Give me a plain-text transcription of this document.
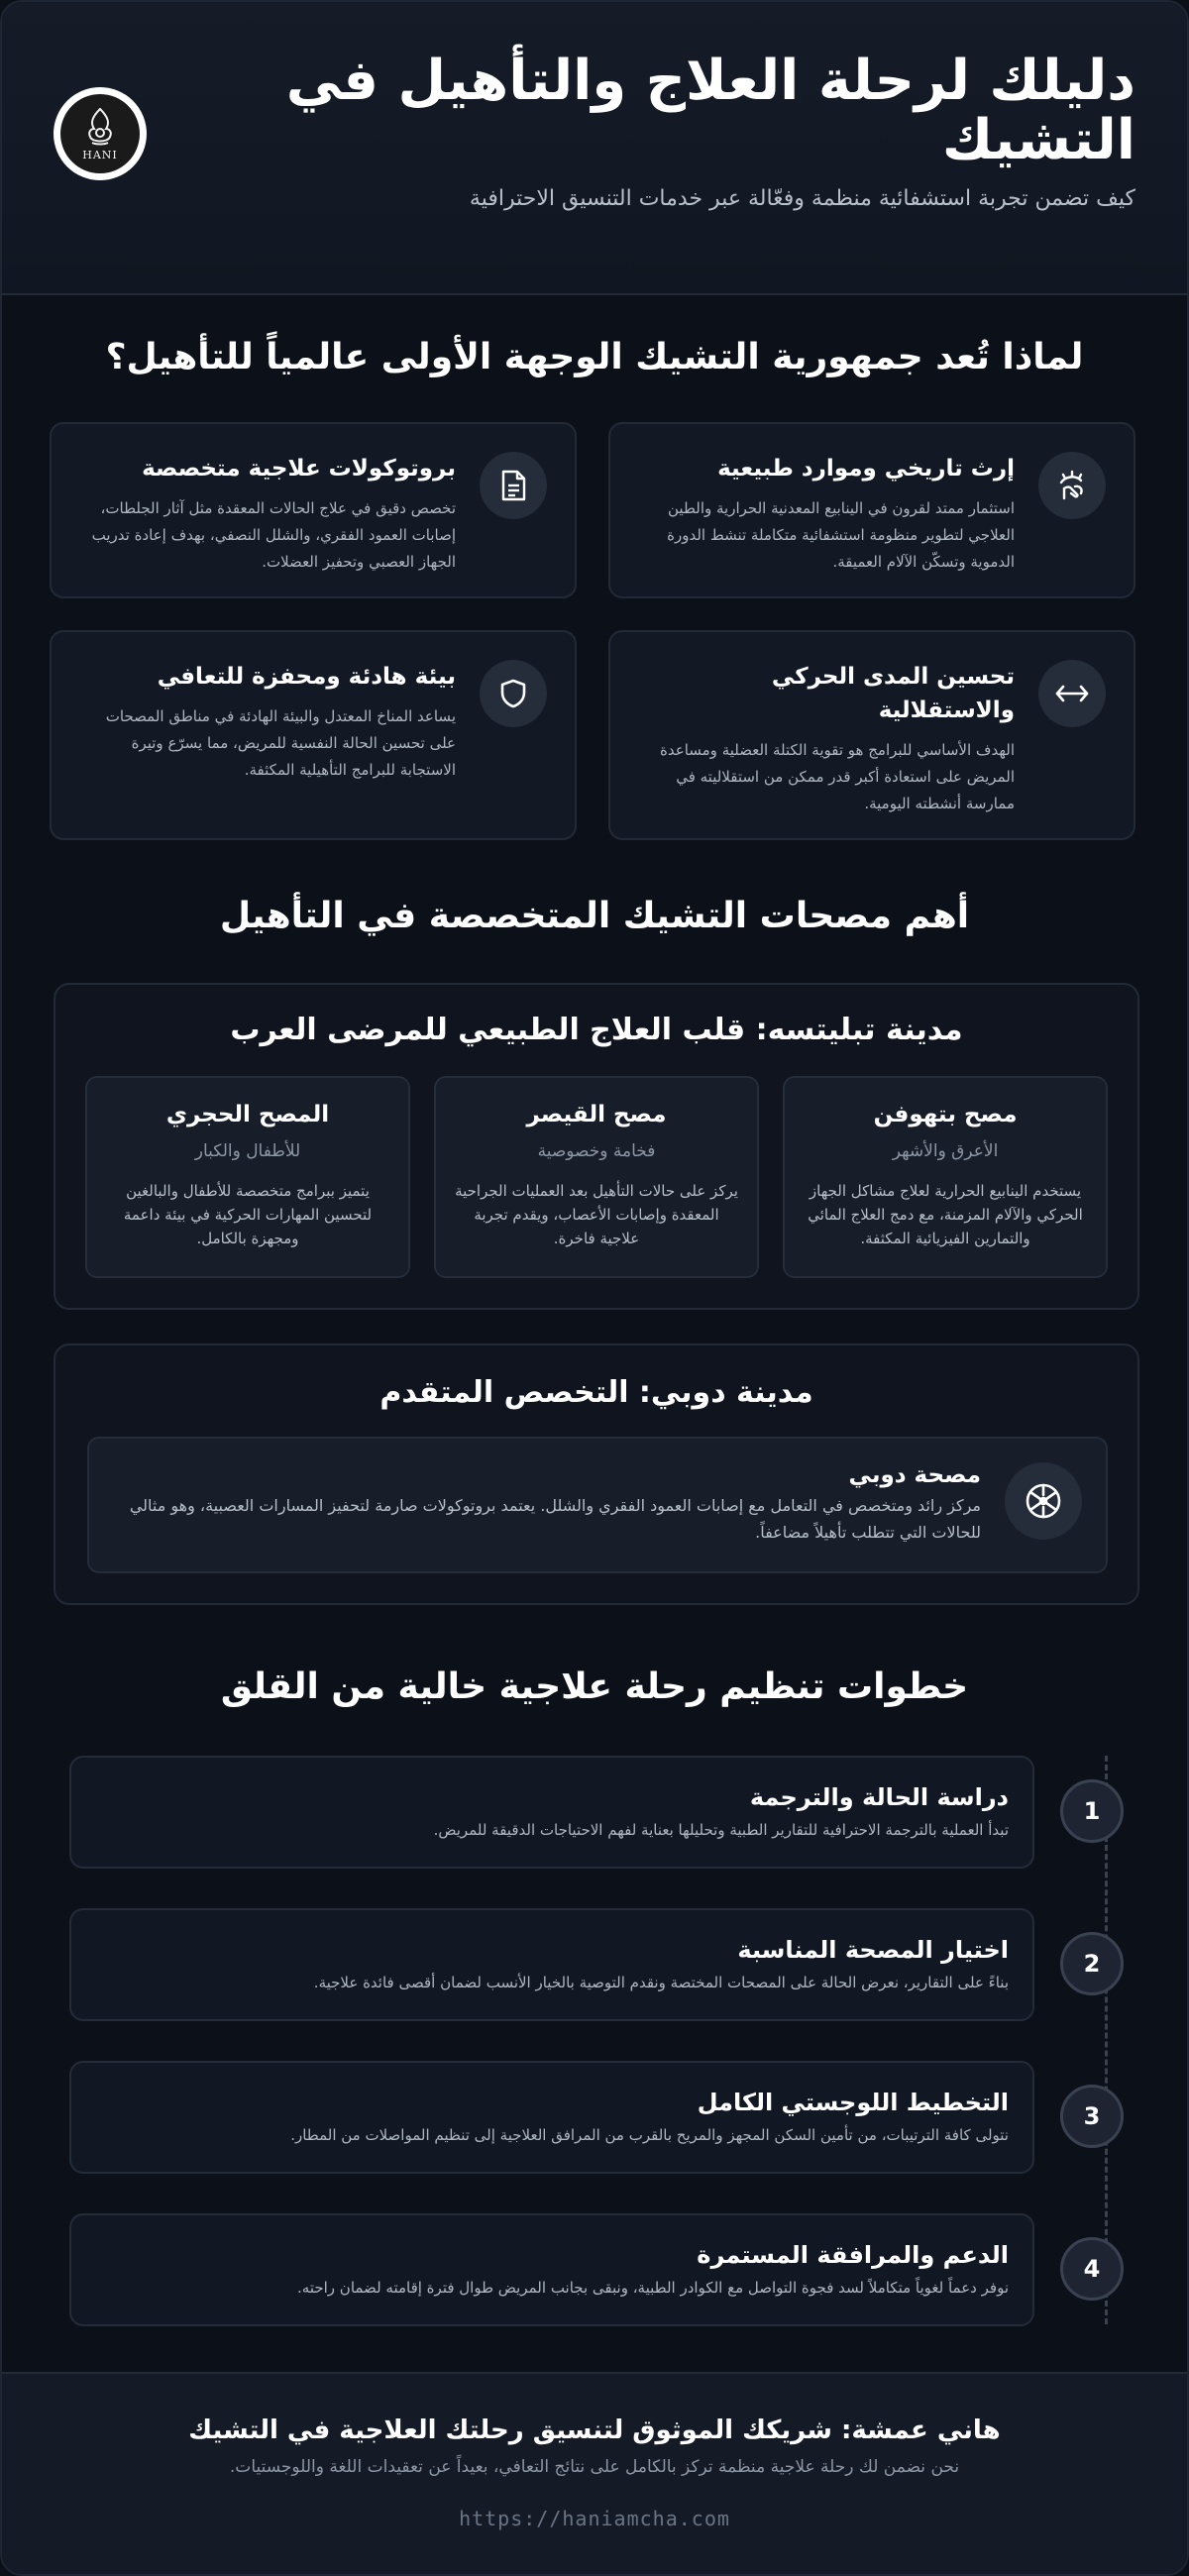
دليلك لرحلة العلاج والتأهيل في التشيك
كيف تضمن تجربة استشفائية منظمة وفعّالة عبر خدمات التنسيق الاحترافية
HANI
لماذا تُعد جمهورية التشيك الوجهة الأولى عالمياً للتأهيل؟
إرث تاريخي وموارد طبيعية
استثمار ممتد لقرون في الينابيع المعدنية الحرارية والطين العلاجي لتطوير منظومة استشفائية متكاملة تنشط الدورة الدموية وتسكّن الآلام العميقة.
بروتوكولات علاجية متخصصة
تخصص دقيق في علاج الحالات المعقدة مثل آثار الجلطات، إصابات العمود الفقري، والشلل النصفي، بهدف إعادة تدريب الجهاز العصبي وتحفيز العضلات.
تحسين المدى الحركي والاستقلالية
الهدف الأساسي للبرامج هو تقوية الكتلة العضلية ومساعدة المريض على استعادة أكبر قدر ممكن من استقلاليته في ممارسة أنشطته اليومية.
بيئة هادئة ومحفزة للتعافي
يساعد المناخ المعتدل والبيئة الهادئة في مناطق المصحات على تحسين الحالة النفسية للمريض، مما يسرّع وتيرة الاستجابة للبرامج التأهيلية المكثفة.
أهم مصحات التشيك المتخصصة في التأهيل
مدينة تبليتسه: قلب العلاج الطبيعي للمرضى العرب
مصح بتهوفن
الأعرق والأشهر
يستخدم الينابيع الحرارية لعلاج مشاكل الجهاز الحركي والآلام المزمنة، مع دمج العلاج المائي والتمارين الفيزيائية المكثفة.
مصح القيصر
فخامة وخصوصية
يركز على حالات التأهيل بعد العمليات الجراحية المعقدة وإصابات الأعصاب، ويقدم تجربة علاجية فاخرة.
المصح الحجري
للأطفال والكبار
يتميز ببرامج متخصصة للأطفال والبالغين لتحسين المهارات الحركية في بيئة داعمة ومجهزة بالكامل.
مدينة دوبي: التخصص المتقدم
مصحة دوبي
مركز رائد ومتخصص في التعامل مع إصابات العمود الفقري والشلل. يعتمد بروتوكولات صارمة لتحفيز المسارات العصبية، وهو مثالي للحالات التي تتطلب تأهيلاً مضاعفاً.
خطوات تنظيم رحلة علاجية خالية من القلق
دراسة الحالة والترجمة
تبدأ العملية بالترجمة الاحترافية للتقارير الطبية وتحليلها بعناية لفهم الاحتياجات الدقيقة للمريض.
1
اختيار المصحة المناسبة
بناءً على التقارير، نعرض الحالة على المصحات المختصة ونقدم التوصية بالخيار الأنسب لضمان أقصى فائدة علاجية.
2
التخطيط اللوجستي الكامل
نتولى كافة الترتيبات، من تأمين السكن المجهز والمريح بالقرب من المرافق العلاجية إلى تنظيم المواصلات من المطار.
3
الدعم والمرافقة المستمرة
نوفر دعماً لغوياً متكاملاً لسد فجوة التواصل مع الكوادر الطبية، ونبقى بجانب المريض طوال فترة إقامته لضمان راحته.
4
هاني عمشة: شريكك الموثوق لتنسيق رحلتك العلاجية في التشيك
نحن نضمن لك رحلة علاجية منظمة تركز بالكامل على نتائج التعافي، بعيداً عن تعقيدات اللغة واللوجستيات.
https://haniamcha.com
